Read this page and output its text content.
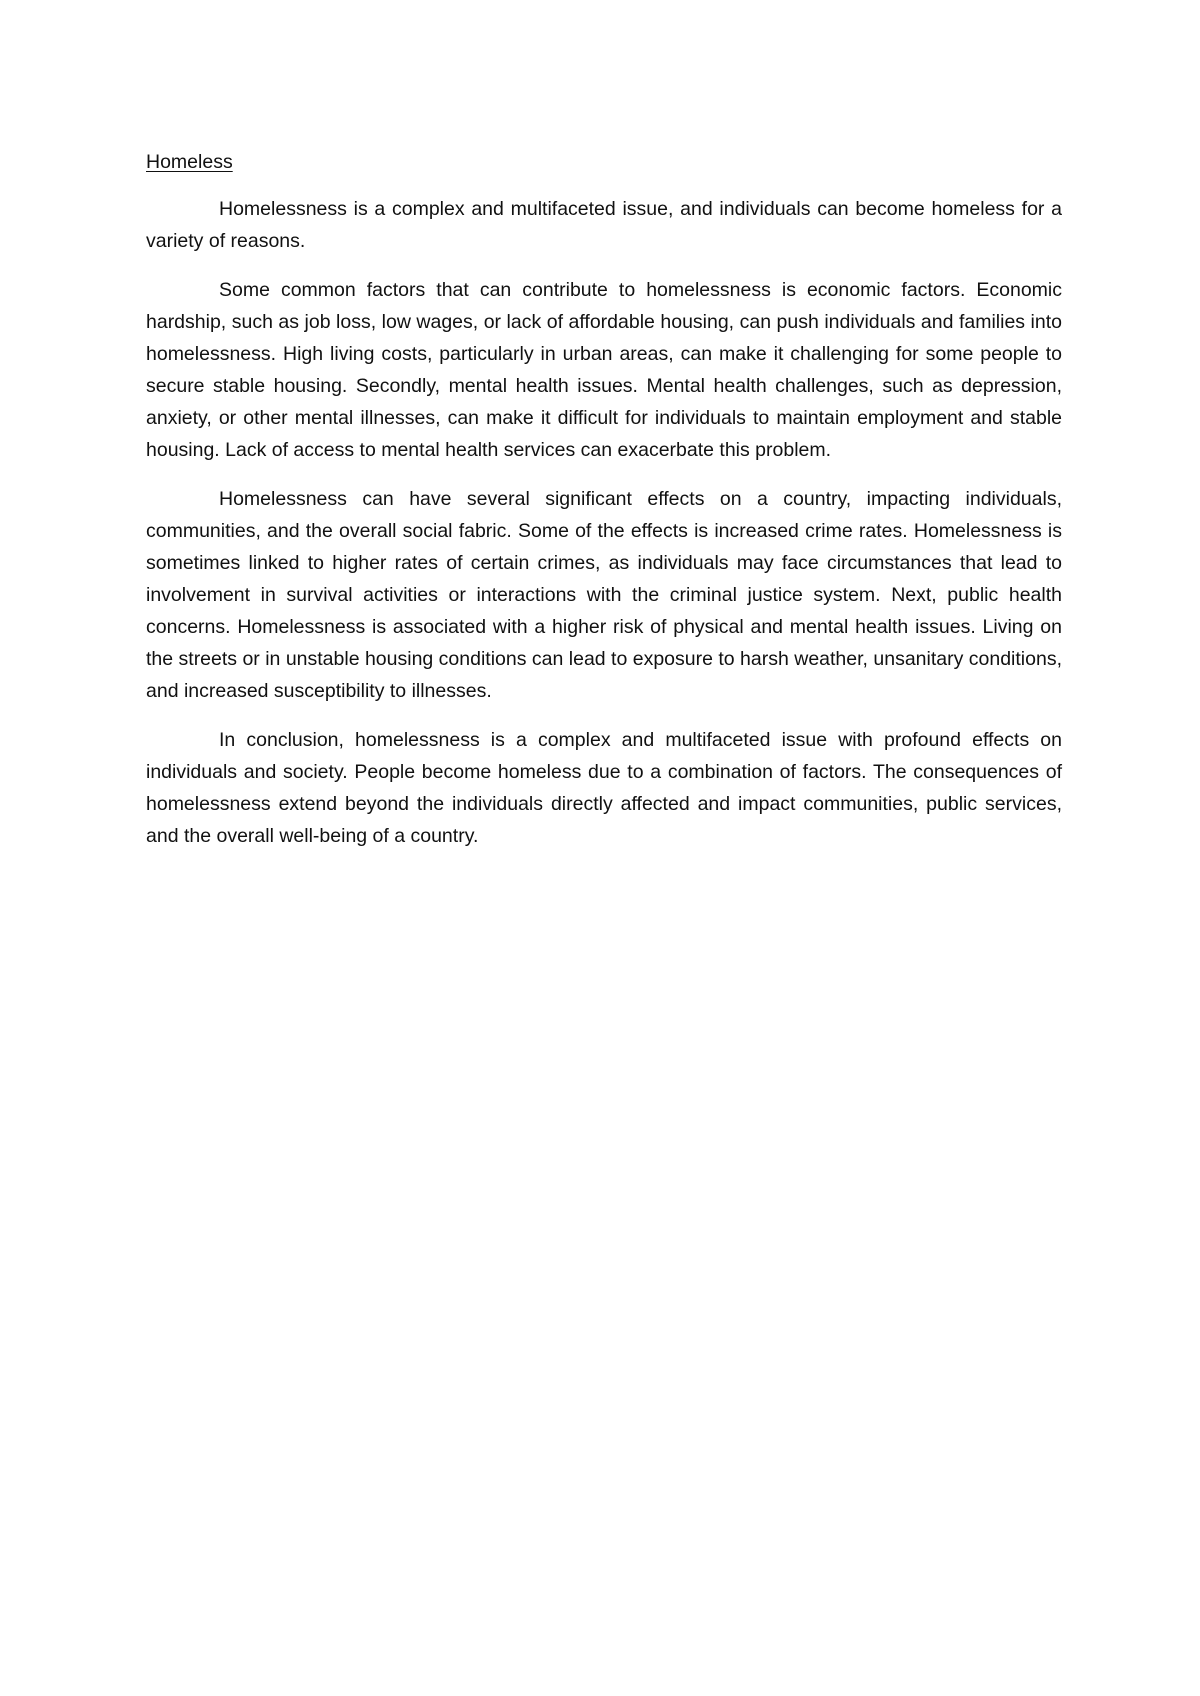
Homeless

Homelessness is a complex and multifaceted issue, and individuals can become homeless for a variety of reasons.

Some common factors that can contribute to homelessness is economic factors. Economic hardship, such as job loss, low wages, or lack of affordable housing, can push individuals and families into homelessness. High living costs, particularly in urban areas, can make it challenging for some people to secure stable housing. Secondly, mental health issues. Mental health challenges, such as depression, anxiety, or other mental illnesses, can make it difficult for individuals to maintain employment and stable housing. Lack of access to mental health services can exacerbate this problem.

Homelessness can have several significant effects on a country, impacting individuals, communities, and the overall social fabric. Some of the effects is increased crime rates. Homelessness is sometimes linked to higher rates of certain crimes, as individuals may face circumstances that lead to involvement in survival activities or interactions with the criminal justice system. Next, public health concerns. Homelessness is associated with a higher risk of physical and mental health issues. Living on the streets or in unstable housing conditions can lead to exposure to harsh weather, unsanitary conditions, and increased susceptibility to illnesses.

In conclusion, homelessness is a complex and multifaceted issue with profound effects on individuals and society. People become homeless due to a combination of factors. The consequences of homelessness extend beyond the individuals directly affected and impact communities, public services, and the overall well-being of a country.
